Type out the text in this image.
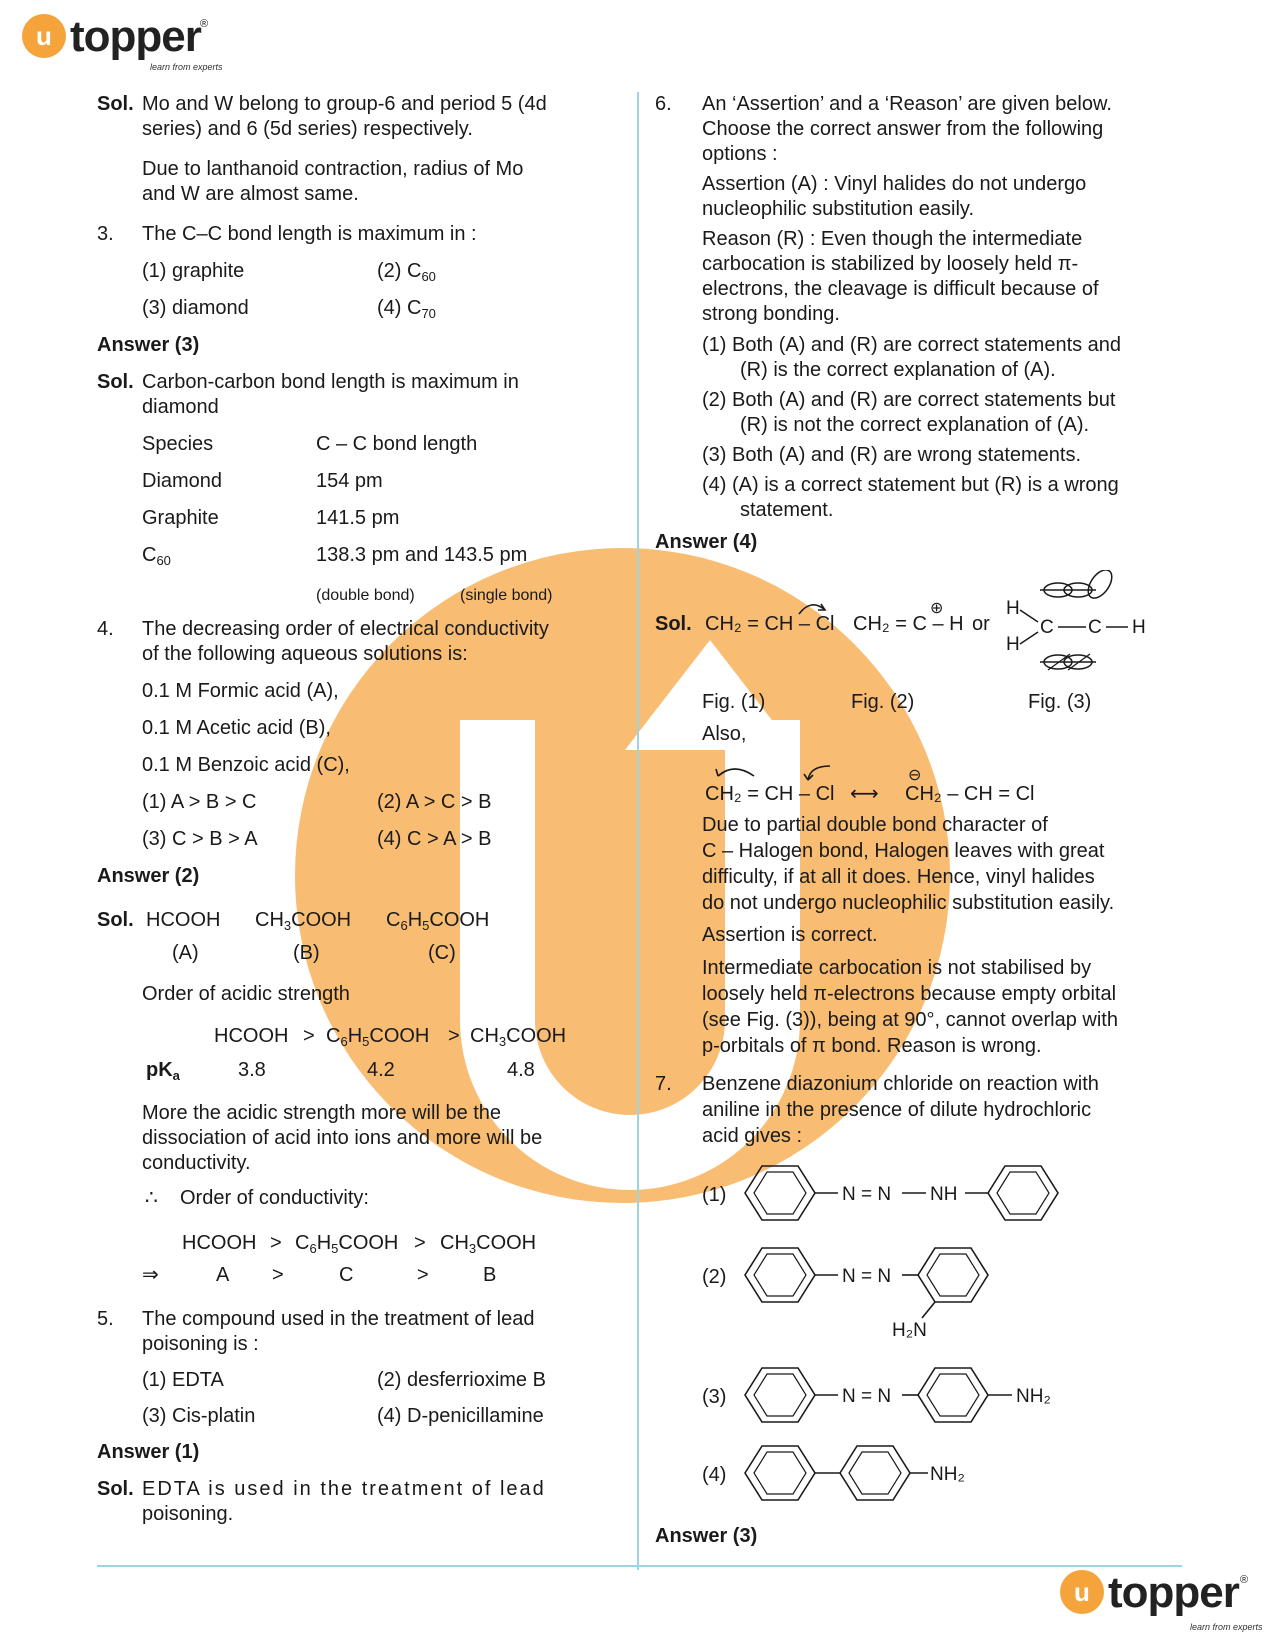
u topper ®
learn from experts
Sol. Mo and W belong to group-6 and period 5 (4d
series) and 6 (5d series) respectively.
Due to lanthanoid contraction, radius of Mo
and W are almost same.
3. The C–C bond length is maximum in :
(1) graphite	(2) $C_{60}$
(3) diamond	(4) $C_{70}$
Answer (3)
Sol. Carbon-carbon bond length is maximum in
diamond
Species	C – C bond length
Diamond	154 pm
Graphite	141.5 pm
$C_{60}$	138.3 pm and 143.5 pm
(double bond)	(single bond)
4. The decreasing order of electrical conductivity
of the following aqueous solutions is:
0.1 M Formic acid (A),
0.1 M Acetic acid (B),
0.1 M Benzoic acid (C),
(1) A > B > C	(2) A > C > B
(3) C > B > A	(4) C > A > B
Answer (2)
Sol. HCOOH $CH_3COOH$ $C_6H_5COOH$
(A)	(B)	(C)
Order of acidic strength
HCOOH > $C_6H_5COOH$ > $CH_3COOH$
$pK_a$	3.8	4.2	4.8
More the acidic strength more will be the
dissociation of acid into ions and more will be
conductivity.
∴ Order of conductivity:
HCOOH > $C_6H_5COOH$ > $CH_3COOH$
⇒	A >	C	>	B
5. The compound used in the treatment of lead
poisoning is :
(1) EDTA	(2) desferrioxime B
(3) Cis-platin	(4) D-penicillamine
Answer (1)
Sol. EDTA is used in the treatment of lead
poisoning.
6. An ‘Assertion’ and a ‘Reason’ are given below.
Choose the correct answer from the following
options :
Assertion (A) : Vinyl halides do not undergo
nucleophilic substitution easily.
Reason (R) : Even though the intermediate
carbocation is stabilized by loosely held π-
electrons, the cleavage is difficult because of
strong bonding.
(1) Both (A) and (R) are correct statements and
(R) is the correct explanation of (A).
(2) Both (A) and (R) are correct statements but
(R) is not the correct explanation of (A).
(3) Both (A) and (R) are wrong statements.
(4) (A) is a correct statement but (R) is a wrong
statement.
Answer (4)
Sol. CH₂ = CH – Cl CH₂ = C – H
⊕
or
H
H
C C H
Fig. (1)	Fig. (2)	Fig. (3)
Also,
CH₂ = CH – Cl ⟷ CH₂ – CH = Cl
⊖
Due to partial double bond character of
C – Halogen bond, Halogen leaves with great
difficulty, if at all it does. Hence, vinyl halides
do not undergo nucleophilic substitution easily.
Assertion is correct.
Intermediate carbocation is not stabilised by
loosely held π-electrons because empty orbital
(see Fig. (3)), being at 90°, cannot overlap with
p-orbitals of π bond. Reason is wrong.
7. Benzene diazonium chloride on reaction with
aniline in the presence of dilute hydrochloric
acid gives :
(1)	N = N NH
(2)	N = N
H₂N
(3)	N = N	NH₂
(4)	NH₂
Answer (3)
u topper ®
learn from experts
